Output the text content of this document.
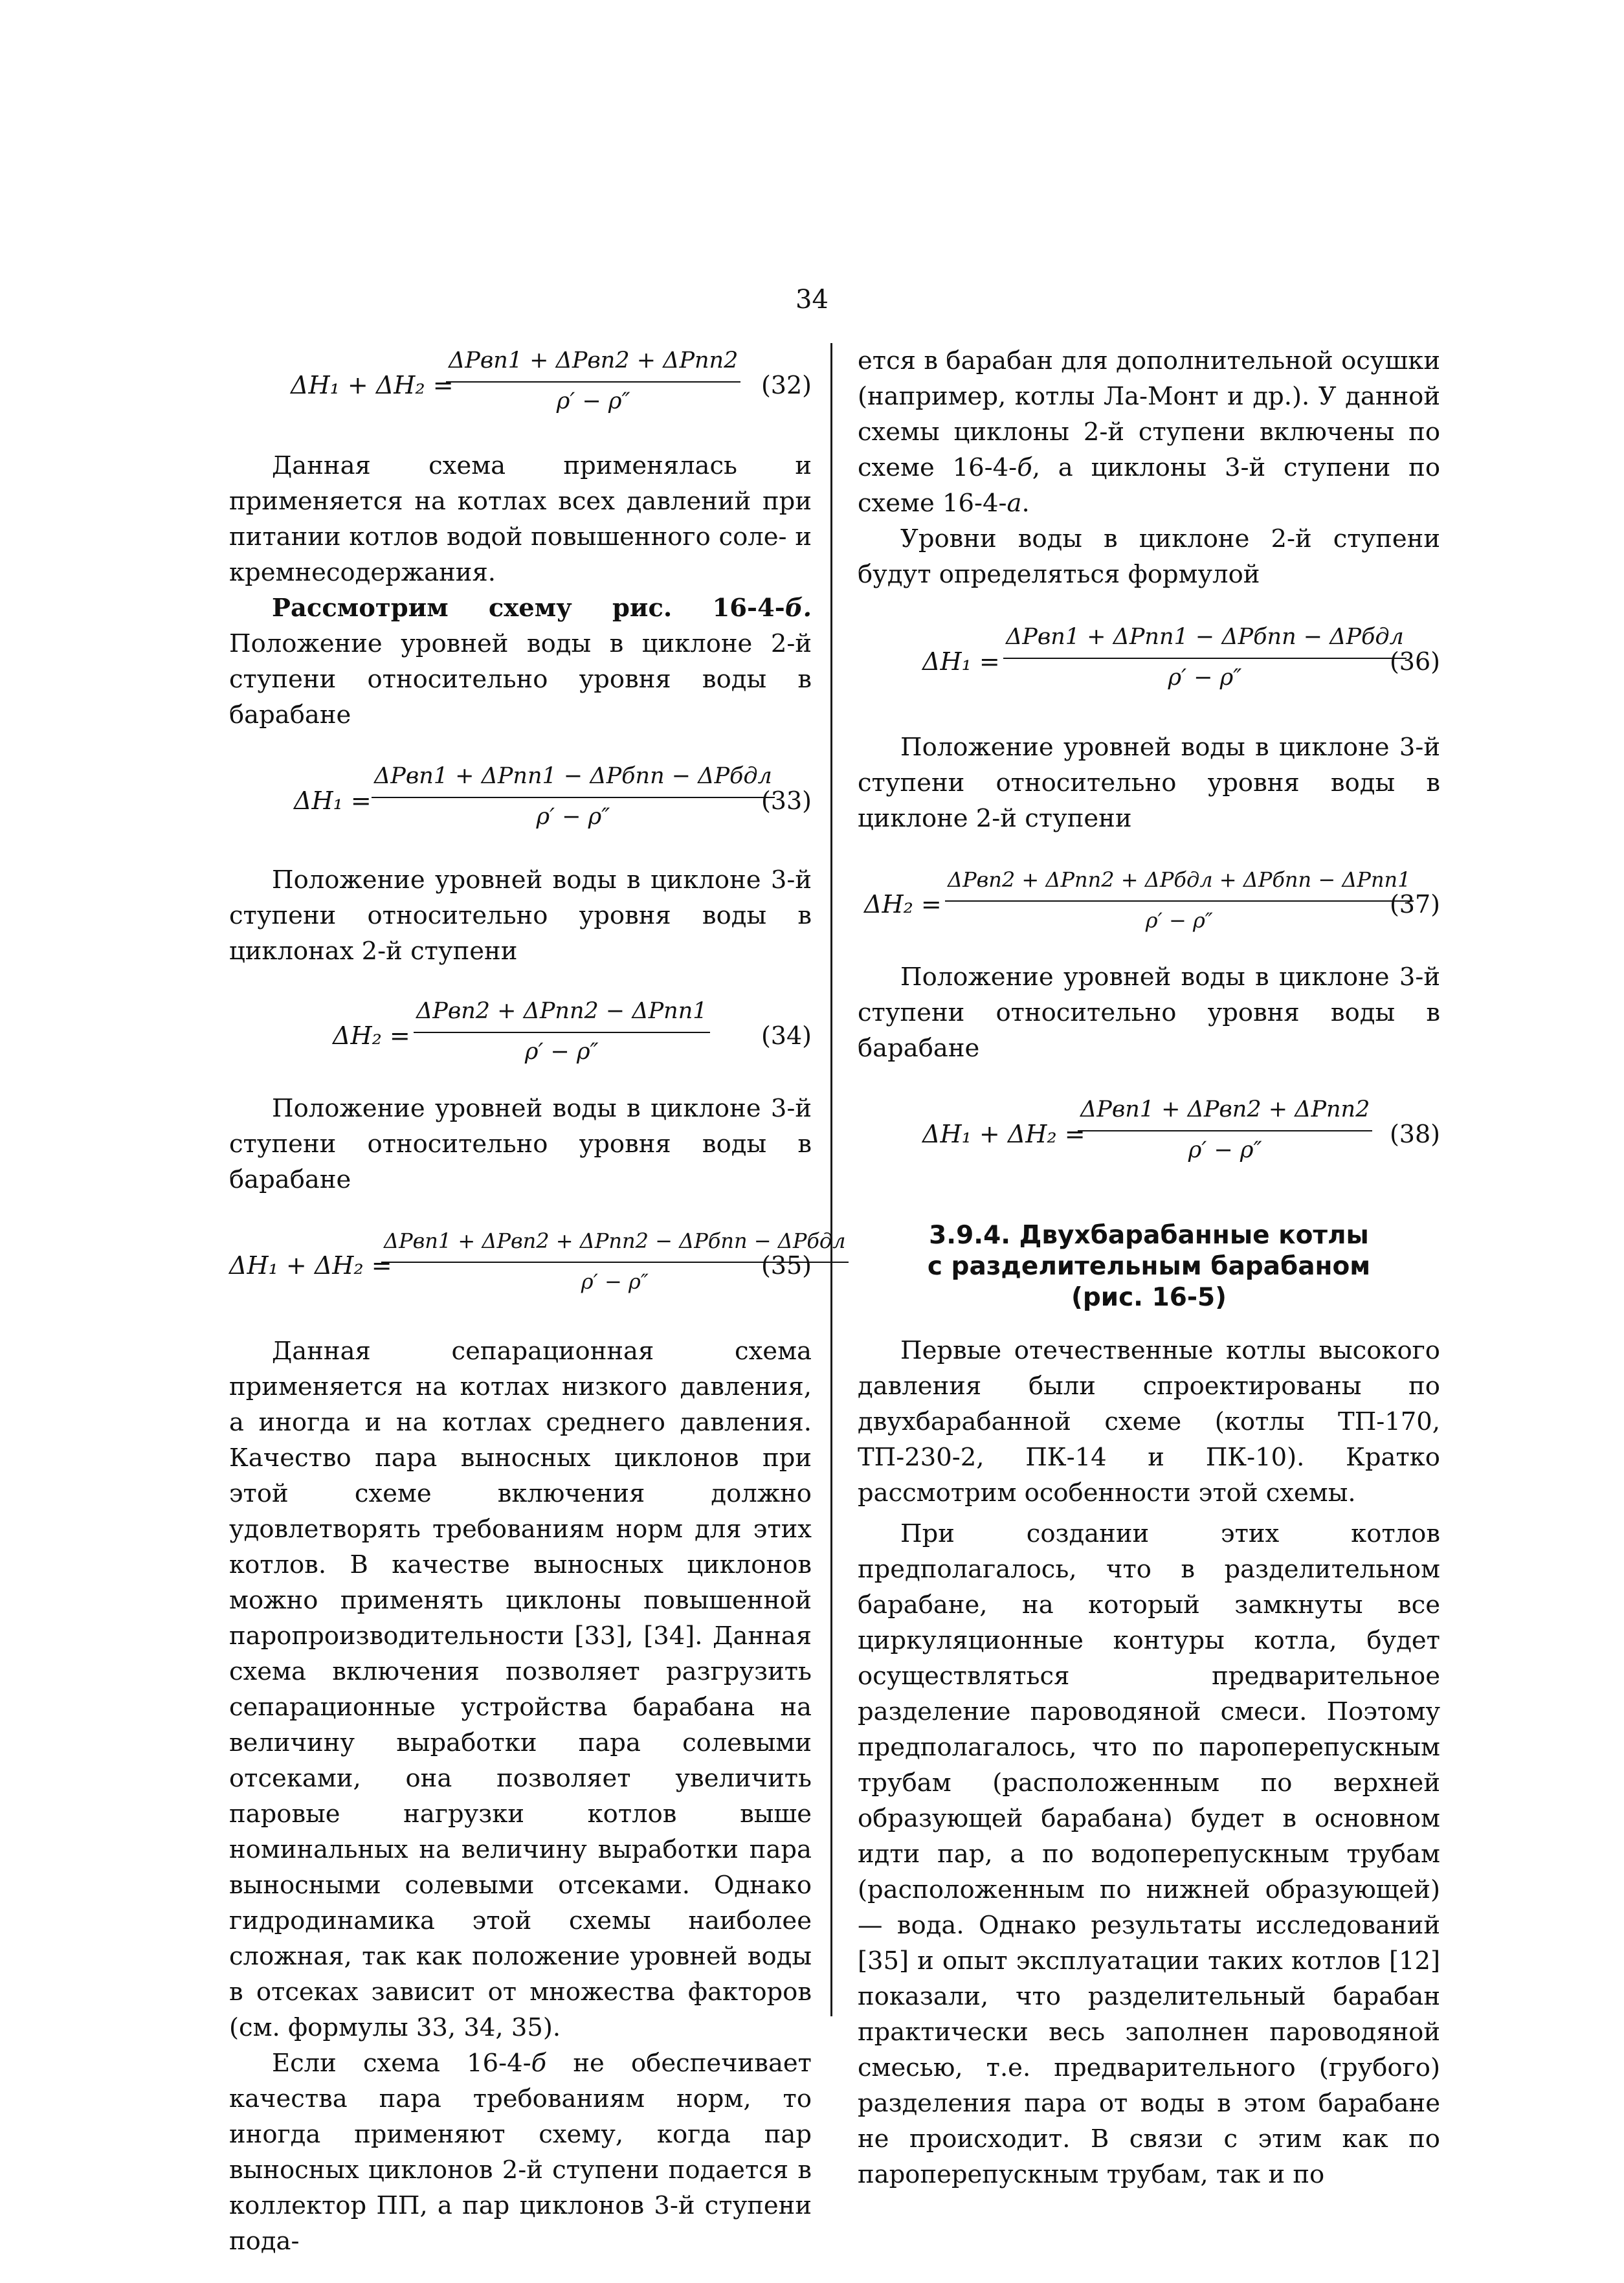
34
ΔH₁ + ΔH₂ =
ΔPвп1 + ΔPвп2 + ΔPпп2
ρ′ − ρ″
(32)

Данная схема применялась и применяется на котлах всех давлений при питании котлов водой повышенного соле- и кремнесодержания.

Рассмотрим схему рис. 16-4-б. Положение уровней воды в циклоне 2-й ступени относительно уровня воды в барабане

ΔH₁ =
ΔPвп1 + ΔPпп1 − ΔPбпп − ΔPбдл
ρ′ − ρ″
(33)

Положение уровней воды в циклоне 3-й ступени относительно уровня воды в циклонах 2-й ступени

ΔH₂ =
ΔPвп2 + ΔPпп2 − ΔPпп1
ρ′ − ρ″
(34)

Положение уровней воды в циклоне 3-й ступени относительно уровня воды в барабане

ΔH₁ + ΔH₂ =
ΔPвп1 + ΔPвп2 + ΔPпп2 − ΔPбпп − ΔPбдл
ρ′ − ρ″
(35)

Данная сепарационная схема применяется на котлах низкого давления, а иногда и на котлах среднего давления. Качество пара выносных циклонов при этой схеме включения должно удовлетворять требованиям норм для этих котлов. В качестве выносных циклонов можно применять циклоны повышенной паропроизводительности [33], [34]. Данная схема включения позволяет разгрузить сепарационные устройства барабана на величину выработки пара солевыми отсеками, она позволяет увеличить паровые нагрузки котлов выше номинальных на величину выработки пара выносными солевыми отсеками. Однако гидродинамика этой схемы наиболее сложная, так как положение уровней воды в отсеках зависит от множества факторов (см. формулы 33, 34, 35).

Если схема 16-4-б не обеспечивает качества пара требованиям норм, то иногда применяют схему, когда пар выносных циклонов 2-й ступени подается в коллектор ПП, а пар циклонов 3-й ступени пода-

ется в барабан для дополнительной осушки (например, котлы Ла-Монт и др.). У данной схемы циклоны 2-й ступени включены по схеме 16-4-б, а циклоны 3-й ступени по схеме 16-4-а.

Уровни воды в циклоне 2-й ступени будут определяться формулой

ΔH₁ =
ΔPвп1 + ΔPпп1 − ΔPбпп − ΔPбдл
ρ′ − ρ″
(36)

Положение уровней воды в циклоне 3-й ступени относительно уровня воды в циклоне 2-й ступени

ΔH₂ =
ΔPвп2 + ΔPпп2 + ΔPбдл + ΔPбпп − ΔPпп1
ρ′ − ρ″
(37)

Положение уровней воды в циклоне 3-й ступени относительно уровня воды в барабане

ΔH₁ + ΔH₂ =
ΔPвп1 + ΔPвп2 + ΔPпп2
ρ′ − ρ″
(38)
3.9.4. Двухбарабанные котлы
с разделительным барабаном
(рис. 16-5)

Первые отечественные котлы высокого давления были спроектированы по двухбарабанной схеме (котлы ТП-170, ТП-230-2, ПК-14 и ПК-10). Кратко рассмотрим особенности этой схемы.

При создании этих котлов предполагалось, что в разделительном барабане, на который замкнуты все циркуляционные контуры котла, будет осуществляться предварительное разделение пароводяной смеси. Поэтому предполагалось, что по пароперепускным трубам (расположенным по верхней образующей барабана) будет в основном идти пар, а по водоперепускным трубам (расположенным по нижней образующей) — вода. Однако результаты исследований [35] и опыт эксплуатации таких котлов [12] показали, что разделительный барабан практически весь заполнен пароводяной смесью, т.е. предварительного (грубого) разделения пара от воды в этом барабане не происходит. В связи с этим как по пароперепускным трубам, так и по
